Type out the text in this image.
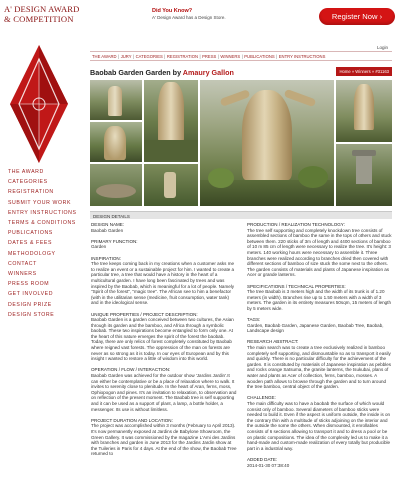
A' DESIGN AWARD
& COMPETITION
Did You Know?
A' Design Award has a Design Store.	Register Now ›
Login
THE AWARD | JURY | CATEGORIES | REGISTRATION | PRESS | WINNERS | PUBLICATIONS | ENTRY INSTRUCTIONS
Baobab Garden Garden by Amaury Gallon	Home » Winners » #31163
THE AWARD
CATEGORIES
REGISTRATION
SUBMIT YOUR WORK
ENTRY INSTRUCTIONS
TERMS & CONDITIONS
PUBLICATIONS
DATES & FEES
METHODOLOGY
CONTACT
WINNERS
PRESS ROOM
GET INVOLVED
DESIGN PRIZE
DESIGN STORE
DESIGN DETAILS
DESIGN NAME:
Baobab Garden
PRIMARY FUNCTION:
Garden
INSPIRATION:
The tree keeps coming back in my creations when a customer asks me to realize an event or a sustainable project for him. I wanted to create a particular tree, a tree that would have a history in the heart of a multicultural garden. I have long been fascinated by trees and was inspired by the Baobab, which is meaningful for a lot of people. Namely "Spirit of the forest", "magic tree". The African see to him a benefactor (with in the utilitarian sense (medicine, fruit consumption, water tank) and in the ideological sense.
UNIQUE PROPERTIES / PROJECT DESCRIPTION:
Baobab Garden is a garden conceived between two cultures, the Asian through its garden and the bamboo, and Africa through a symbolic baobab. These two inspirations become entangled to form only one. At the heart of this nature emerges the spirit of the forest the baobab. Today, there are only relics of forest completely constituted by Baobab where reigned vast forests. The oppression of the man on forests are never as so strong as it is today. In our eyes of European and by this insight I wanted to restore a little of wisdom into this world.
OPERATION / FLOW / INTERACTION:
Baobab Garden was achieved for the outdoor show 'Jardins Jardin'.It can either be contemplative or be a place of relaxation where to walk. It invites to serenity close to plenitude. In the heart of Aran, ferns, moss, Ophiopogon and pines. It's an invitation to relaxation, to observation and on reflection of the present moment. The Baobab tree is self supporting and it can be used as a support of plant, a lamp, a bottle holder, a messenger. Its use is without limitless.
PROJECT DURATION AND LOCATION:
The project was accomplished within 3 months (February to April 2013). It's now permanently exposed at Jardins de Babylone Showroom, the Green Gallery. It was commissioned by the magazine L'Ami des Jardins with branches and garden in June 2013 for the Jardins Jardin show at the Tuileries in Paris for 4 days. At the end of the show, the Baobab Tree returned to
PRODUCTION / REALIZATION TECHNOLOGY:
The tree self supporting and completely knockdown tree consists of assembled sections of bamboo the same in the tops of others and stuck between them. 220 sticks of 3m of length and 4400 sections of bamboo of 10 m 85 cm of length were necessary to realize the tree. It's height: 3 meters. 140 working hours were necessary to assemble it. Three branches were realized according to branches dried then covered with different sections of bamboo of size stuck the some next to the others. The garden consists of materials and plants of Japanese inspiration as Acer or grande lanterns.
SPECIFICATIONS / TECHNICAL PROPERTIES:
The tree Baobab is 3 meters high and the width of its trunk is of 1.20 meters (in width). Branches rise up to 1.50 meters with a width of 3 meters. The garden in its entirety measures 50sqm, 15 meters of length by 5 meters wide.
TAGS:
Garden, Baobab Garden, Japanese Garden, Baobab Tree, Baobab, Landscape design
RESEARCH ABSTRACT:
The main search was to create a tree exclusively realized in bamboo completely self supporting, and dismountable so as to transport it easily and quickly. There is no particular difficulty for the achievement of the garden. It is constituted by materials of Japanese inspiration as pebbles and rocks orange Satsuma, the granite lanterns, the tsukubai, plans of water and plants as Acer of collection, ferns, bamboo, mosses. A wooden path allows to browse through the garden and to turn around the tree bamboo, central object of the garden.
CHALLENGE:
The main difficulty was to have a baobab the surface of which would consist only of bamboo. Several diameters of bamboo sticks were needed to build it. Even if the aspect is uniform outside, the inside is on the contrary thin with a multitude of sticks adjoining on the interior and the outside the some the others. When dismounted, it enrollables consists of 6 sections allowing to transport it and to dress a pool or be on plastic compositions. The idea of the complexity led us to make it a hand-made and custom-made realization of every totally but producible part in a industrial way.
ADDED DATE:
2014-01-30 07:38:40
